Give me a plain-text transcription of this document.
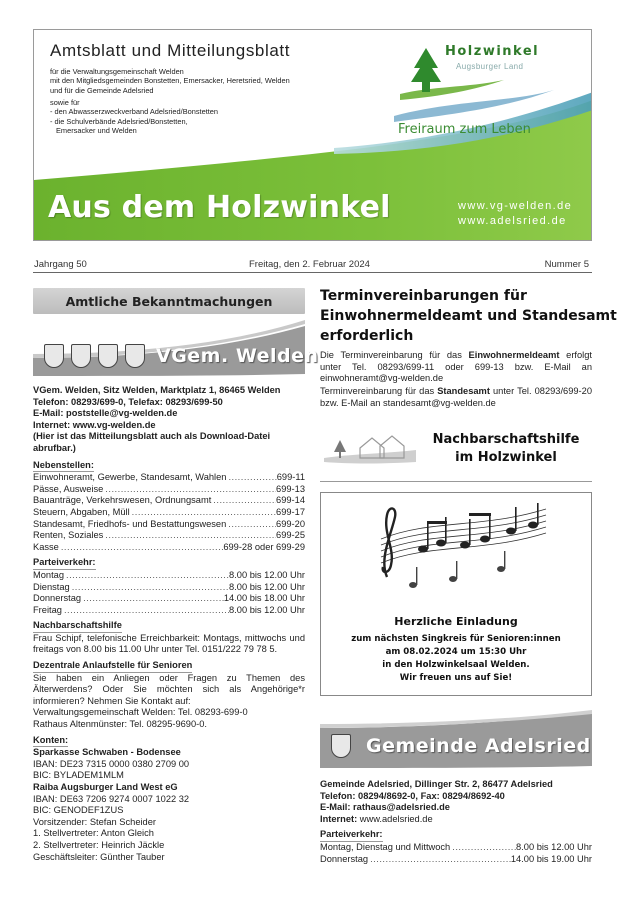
Amtsblatt und Mitteilungsblatt
für die Verwaltungsgemeinschaft Welden
mit den Mitgliedsgemeinden Bonstetten, Emersacker, Heretsried, Welden
und für die Gemeinde Adelsried
sowie für
- den Abwasserzweckverband Adelsried/Bonstetten
- die Schulverbände Adelsried/Bonstetten,
Emersacker und Welden
Holzwinkel
Augsburger Land
Freiraum zum Leben
Aus dem Holzwinkel	www.vg-welden.de
www.adelsried.de
Jahrgang 50	Freitag, den 2. Februar 2024	Nummer 5
Amtliche Bekanntmachungen
VGem. Welden
VGem. Welden, Sitz Welden, Marktplatz 1, 86465 Welden
Telefon: 08293/699-0, Telefax: 08293/699-50
E-Mail: poststelle@vg-welden.de
Internet: www.vg-welden.de
(Hier ist das Mitteilungsblatt auch als Download-Datei abrufbar.)
Nebenstellen:
Einwohneramt, Gewerbe, Standesamt, Wahlen .....	699-11
Pässe, Ausweise .....	699-13
Bauanträge, Verkehrswesen, Ordnungsamt .....	699-14
Steuern, Abgaben, Müll .....	699-17
Standesamt, Friedhofs- und Bestattungswesen .....	699-20
Renten, Soziales .....	699-25
Kasse .....	699-28 oder 699-29
Parteiverkehr:
Montag .....	8.00 bis 12.00 Uhr
Dienstag .....	8.00 bis 12.00 Uhr
Donnerstag .....	14.00 bis 18.00 Uhr
Freitag .....	8.00 bis 12.00 Uhr
Nachbarschaftshilfe
Frau Schipf, telefonische Erreichbarkeit: Montags, mittwochs und freitags von 8.00 bis 11.00 Uhr unter Tel. 0151/222 79 78 5.
Dezentrale Anlaufstelle für Senioren
Sie haben ein Anliegen oder Fragen zu Themen des Älterwerdens? Oder Sie möchten sich als Angehörige*r informieren? Nehmen Sie Kontakt auf:
Verwaltungsgemeinschaft Welden: Tel. 08293-699-0
Rathaus Altenmünster: Tel. 08295-9690-0.
Konten:
Sparkasse Schwaben - Bodensee
IBAN: DE23 7315 0000 0380 2709 00
BIC: BYLADEM1MLM
Raiba Augsburger Land West eG
IBAN: DE63 7206 9274 0007 1022 32
BIC: GENODEF1ZUS
Vorsitzender: Stefan Scheider
1. Stellvertreter: Anton Gleich
2. Stellvertreter: Heinrich Jäckle
Geschäftsleiter: Günther Tauber
Terminvereinbarungen für
Einwohnermeldeamt und Standesamt
erforderlich
Die Terminvereinbarung für das Einwohnermeldeamt erfolgt unter Tel. 08293/699-11 oder 699-13 bzw. E-Mail an einwohneramt@vg-welden.de
Terminvereinbarung für das Standesamt unter Tel. 08293/699-20 bzw. E-Mail an standesamt@vg-welden.de
Nachbarschaftshilfe
im Holzwinkel
Herzliche Einladung
zum nächsten Singkreis für Senioren:innen
am 08.02.2024 um 15:30 Uhr
in den Holzwinkelsaal Welden.
Wir freuen uns auf Sie!
Gemeinde Adelsried
Gemeinde Adelsried, Dillinger Str. 2, 86477 Adelsried
Telefon: 08294/8692-0, Fax: 08294/8692-40
E-Mail: rathaus@adelsried.de
Internet: www.adelsried.de
Parteiverkehr:
Montag, Dienstag und Mittwoch .....	8.00 bis 12.00 Uhr
Donnerstag .....	14.00 bis 19.00 Uhr
